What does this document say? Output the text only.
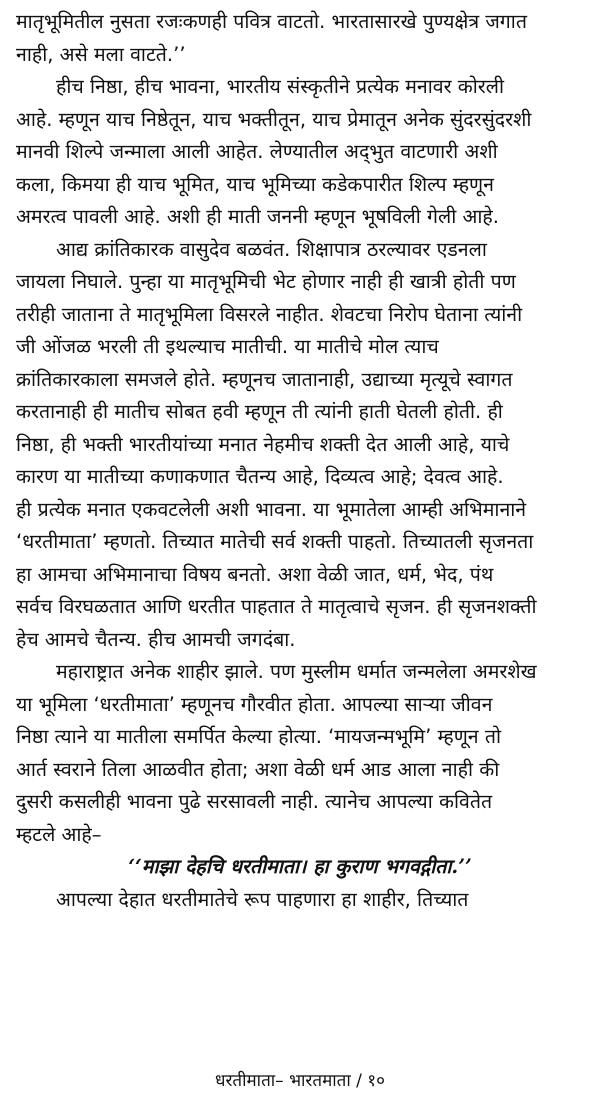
मातृभूमितील नुसता रजःकणही पवित्र वाटतो. भारतासारखे पुण्यक्षेत्र जगात
नाही, असे मला वाटते.’’
हीच निष्ठा, हीच भावना, भारतीय संस्कृतीने प्रत्येक मनावर कोरली
आहे. म्हणून याच निष्ठेतून, याच भक्तीतून, याच प्रेमातून अनेक सुंदरसुंदरशी
मानवी शिल्पे जन्माला आली आहेत. लेण्यातील अद्‌भुत वाटणारी अशी
कला, किमया ही याच भूमित, याच भूमिच्या कडेकपारीत शिल्प म्हणून
अमरत्व पावली आहे. अशी ही माती जननी म्हणून भूषविली गेली आहे.
आद्य क्रांतिकारक वासुदेव बळवंत. शिक्षापात्र ठरल्यावर एडनला
जायला निघाले. पुन्हा या मातृभूमिची भेट होणार नाही ही खात्री होती पण
तरीही जाताना ते मातृभूमिला विसरले नाहीत. शेवटचा निरोप घेताना त्यांनी
जी ओंजळ भरली ती इथल्याच मातीची. या मातीचे मोल त्याच
क्रांतिकारकाला समजले होते. म्हणूनच जातानाही, उद्याच्या मृत्यूचे स्वागत
करतानाही ही मातीच सोबत हवी म्हणून ती त्यांनी हाती घेतली होती. ही
निष्ठा, ही भक्ती भारतीयांच्या मनात नेहमीच शक्ती देत आली आहे, याचे
कारण या मातीच्या कणाकणात चैतन्य आहे, दिव्यत्व आहे; देवत्व आहे.
ही प्रत्येक मनात एकवटलेली अशी भावना. या भूमातेला आम्ही अभिमानाने
‘धरतीमाता’ म्हणतो. तिच्यात मातेची सर्व शक्ती पाहतो. तिच्यातली सृजनता
हा आमचा अभिमानाचा विषय बनतो. अशा वेळी जात, धर्म, भेद, पंथ
सर्वच विरघळतात आणि धरतीत पाहतात ते मातृत्वाचे सृजन. ही सृजनशक्ती
हेच आमचे चैतन्य. हीच आमची जगदंबा.
महाराष्ट्रात अनेक शाहीर झाले. पण मुस्लीम धर्मात जन्मलेला अमरशेख
या भूमिला ‘धरतीमाता’ म्हणूनच गौरवीत होता. आपल्या साऱ्या जीवन
निष्ठा त्याने या मातीला समर्पित केल्या होत्या. ‘मायजन्मभूमि’ म्हणून तो
आर्त स्वराने तिला आळवीत होता; अशा वेळी धर्म आड आला नाही की
दुसरी कसलीही भावना पुढे सरसावली नाही. त्यानेच आपल्या कवितेत
म्हटले आहे–
‘‘माझा देहचि धरतीमाता। हा कुराण भगवद्गीता.’’
आपल्या देहात धरतीमातेचे रूप पाहणारा हा शाहीर, तिच्यात
धरतीमाता– भारतमाता / १०
